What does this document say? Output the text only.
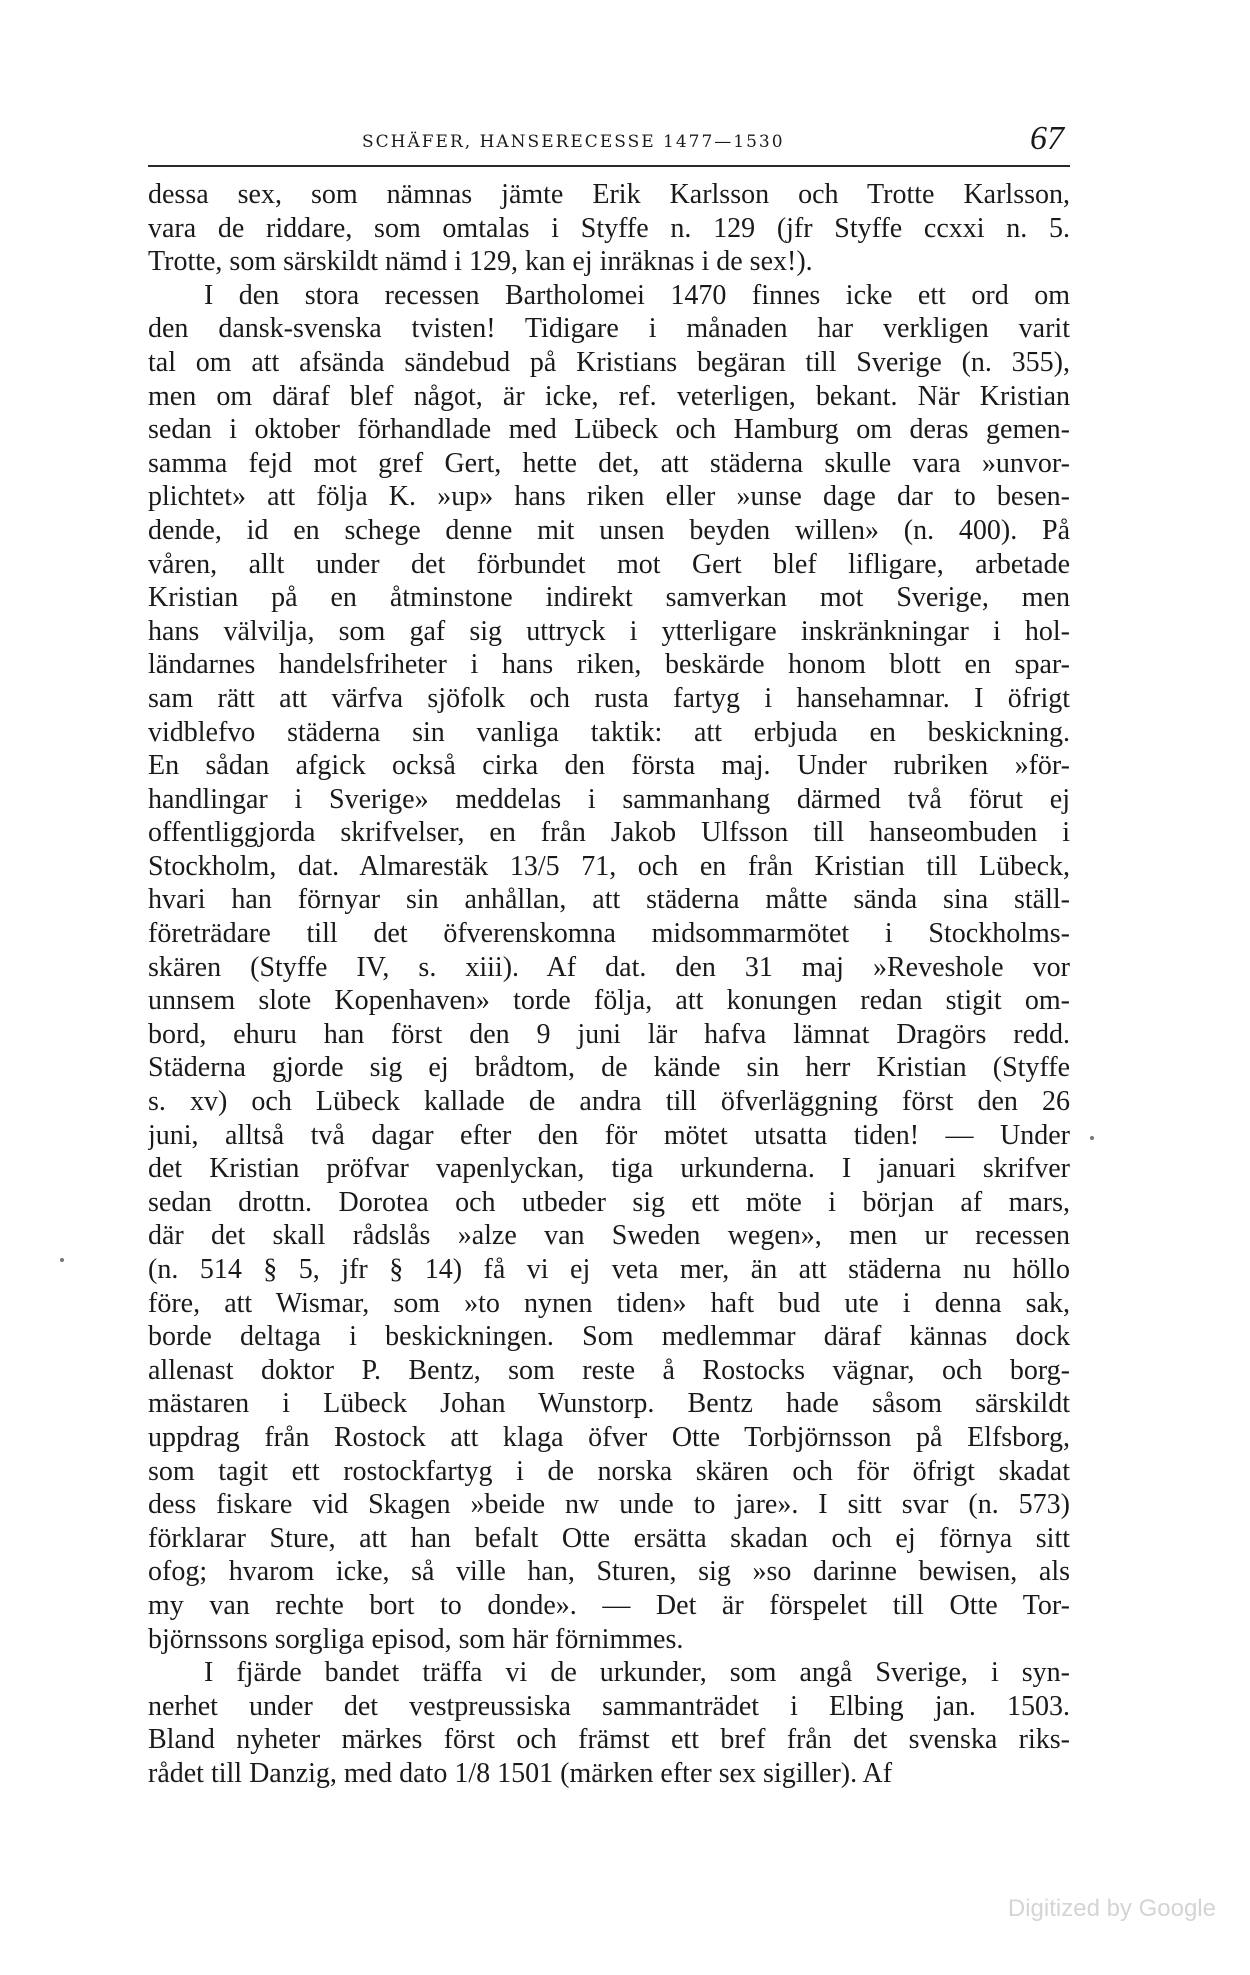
SCHÄFER, HANSERECESSE 1477—1530	67
dessa sex, som nämnas jämte Erik Karlsson och Trotte Karlsson,
vara de riddare, som omtalas i Styffe n. 129 (jfr Styffe ccxxi n. 5.
Trotte, som särskildt nämd i 129, kan ej inräknas i de sex!).
I den stora recessen Bartholomei 1470 finnes icke ett ord om
den dansk-svenska tvisten! Tidigare i månaden har verkligen varit
tal om att afsända sändebud på Kristians begäran till Sverige (n. 355),
men om däraf blef något, är icke, ref. veterligen, bekant. När Kristian
sedan i oktober förhandlade med Lübeck och Hamburg om deras gemen-
samma fejd mot gref Gert, hette det, att städerna skulle vara »unvor-
plichtet» att följa K. »up» hans riken eller »unse dage dar to besen-
dende, id en schege denne mit unsen beyden willen» (n. 400). På
våren, allt under det förbundet mot Gert blef lifligare, arbetade
Kristian på en åtminstone indirekt samverkan mot Sverige, men
hans välvilja, som gaf sig uttryck i ytterligare inskränkningar i hol-
ländarnes handelsfriheter i hans riken, beskärde honom blott en spar-
sam rätt att värfva sjöfolk och rusta fartyg i hansehamnar. I öfrigt
vidblefvo städerna sin vanliga taktik: att erbjuda en beskickning.
En sådan afgick också cirka den första maj. Under rubriken »för-
handlingar i Sverige» meddelas i sammanhang därmed två förut ej
offentliggjorda skrifvelser, en från Jakob Ulfsson till hanseombuden i
Stockholm, dat. Almarestäk 13/5 71, och en från Kristian till Lübeck,
hvari han förnyar sin anhållan, att städerna måtte sända sina ställ-
företrädare till det öfverenskomna midsommarmötet i Stockholms-
skären (Styffe IV, s. xiii). Af dat. den 31 maj »Reveshole vor
unnsem slote Kopenhaven» torde följa, att konungen redan stigit om-
bord, ehuru han först den 9 juni lär hafva lämnat Dragörs redd.
Städerna gjorde sig ej brådtom, de kände sin herr Kristian (Styffe
s. xv) och Lübeck kallade de andra till öfverläggning först den 26
juni, alltså två dagar efter den för mötet utsatta tiden! — Under
det Kristian pröfvar vapenlyckan, tiga urkunderna. I januari skrifver
sedan drottn. Dorotea och utbeder sig ett möte i början af mars,
där det skall rådslås »alze van Sweden wegen», men ur recessen
(n. 514 § 5, jfr § 14) få vi ej veta mer, än att städerna nu höllo
före, att Wismar, som »to nynen tiden» haft bud ute i denna sak,
borde deltaga i beskickningen. Som medlemmar däraf kännas dock
allenast doktor P. Bentz, som reste å Rostocks vägnar, och borg-
mästaren i Lübeck Johan Wunstorp. Bentz hade såsom särskildt
uppdrag från Rostock att klaga öfver Otte Torbjörnsson på Elfsborg,
som tagit ett rostockfartyg i de norska skären och för öfrigt skadat
dess fiskare vid Skagen »beide nw unde to jare». I sitt svar (n. 573)
förklarar Sture, att han befalt Otte ersätta skadan och ej förnya sitt
ofog; hvarom icke, så ville han, Sturen, sig »so darinne bewisen, als
my van rechte bort to donde». — Det är förspelet till Otte Tor-
björnssons sorgliga episod, som här förnimmes.
I fjärde bandet träffa vi de urkunder, som angå Sverige, i syn-
nerhet under det vestpreussiska sammanträdet i Elbing jan. 1503.
Bland nyheter märkes först och främst ett bref från det svenska riks-
rådet till Danzig, med dato 1/8 1501 (märken efter sex sigiller). Af
Digitized by Google
